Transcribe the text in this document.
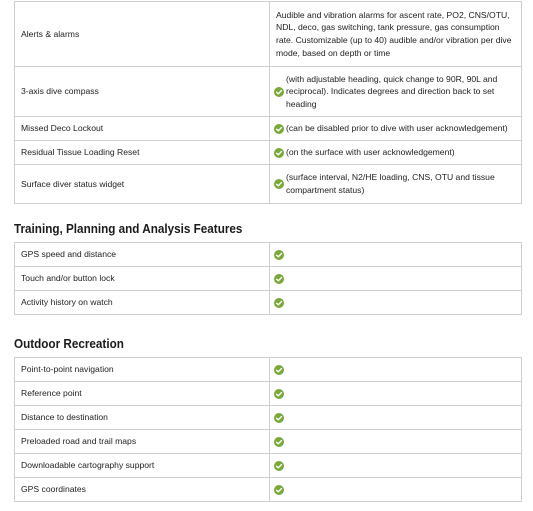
Alerts & alarms	Audible and vibration alarms for ascent rate, PO2, CNS/OTU, NDL, deco, gas switching, tank pressure, gas consumption rate. Customizable (up to 40) audible and/or vibration per dive mode, based on depth or time

3-axis dive compass	(with adjustable heading, quick change to 90R, 90L and reciprocal). Indicates degrees and direction back to set heading

Missed Deco Lockout	(can be disabled prior to dive with user acknowledgement)

Residual Tissue Loading Reset	(on the surface with user acknowledgement)

Surface diver status widget	(surface interval, N2/HE loading, CNS, OTU and tissue compartment status)
Training, Planning and Analysis Features
GPS speed and distance	

Touch and/or button lock	

Activity history on watch	
Outdoor Recreation
Point-to-point navigation	

Reference point	

Distance to destination	

Preloaded road and trail maps	

Downloadable cartography support	

GPS coordinates	
